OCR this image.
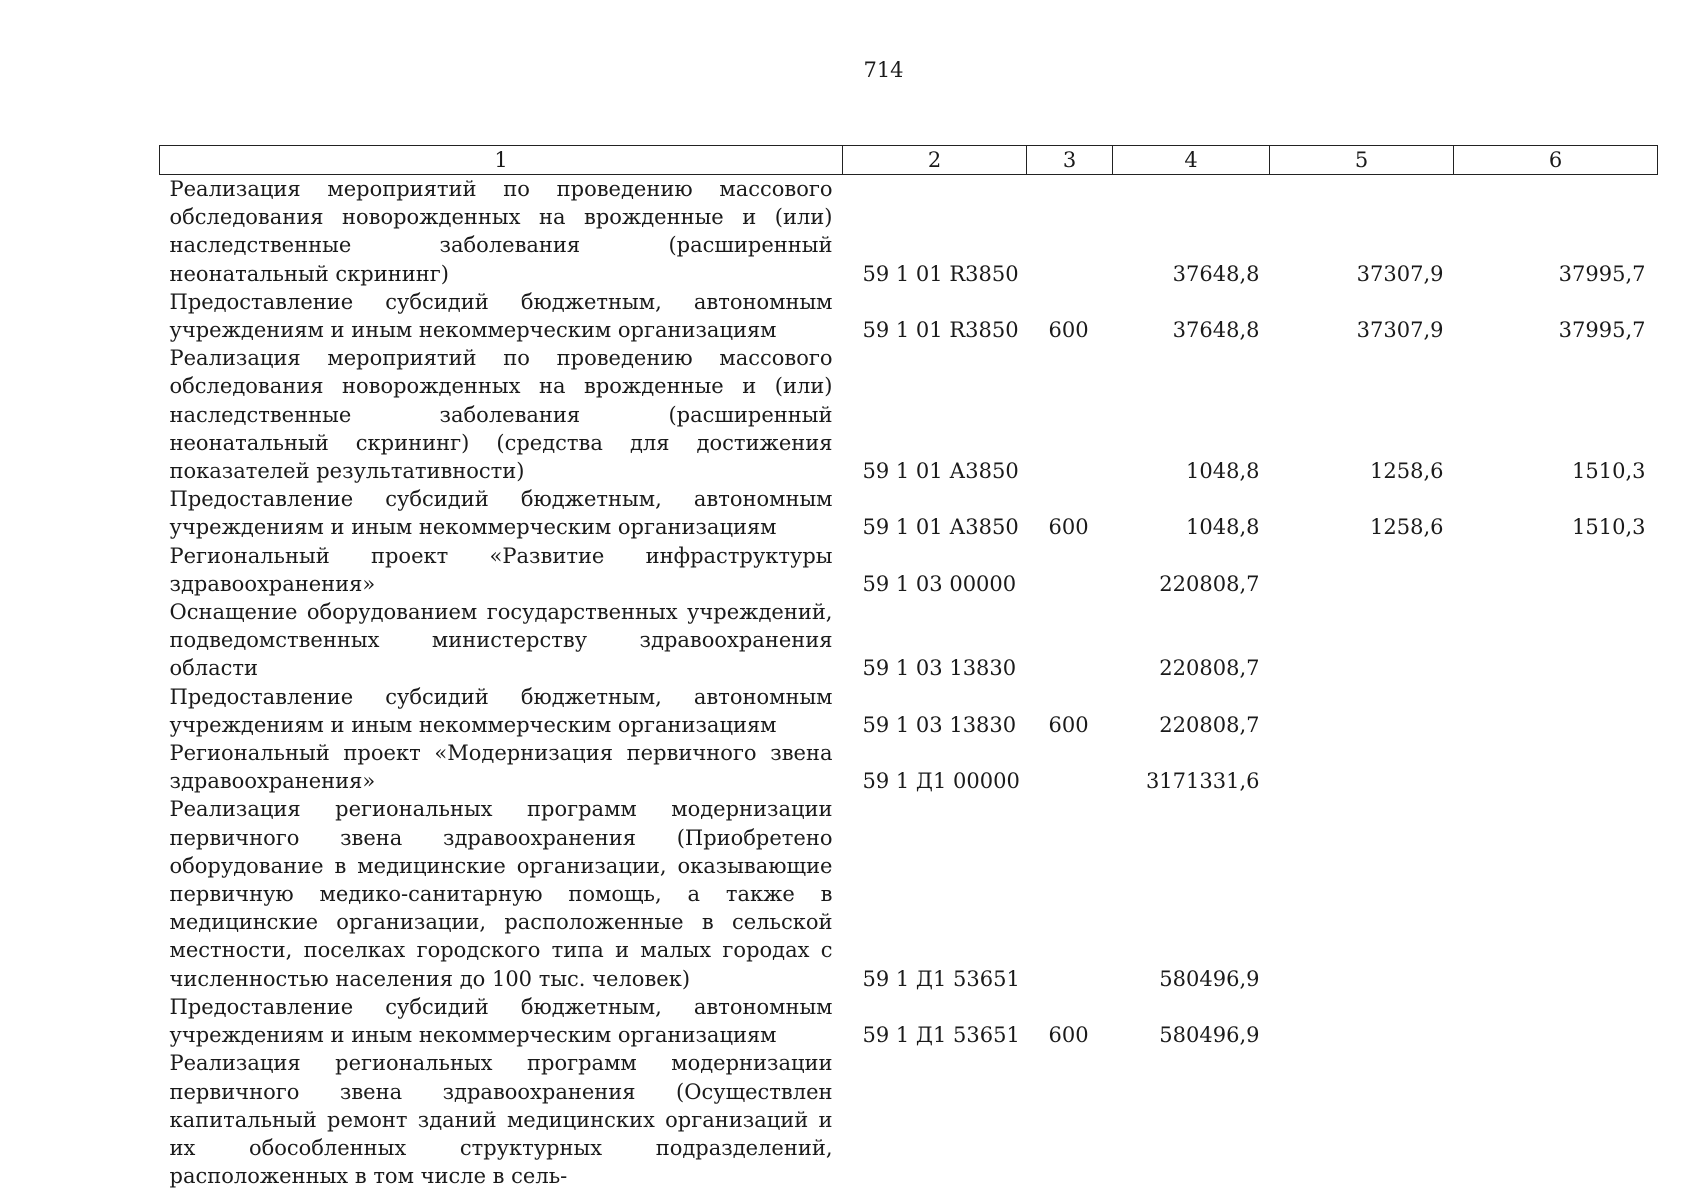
714
1	2	3	4	5	6
Реализация мероприятий по проведению массового обследования новорожденных на врожденные и (или) наследственные заболевания (расширенный неонатальный скрининг)	59 1 01 R3850		37648,8	37307,9	37995,7
Предоставление субсидий бюджетным, автономным учреждениям и иным некоммерческим организациям	59 1 01 R3850	600	37648,8	37307,9	37995,7
Реализация мероприятий по проведению массового обследования новорожденных на врожденные и (или) наследственные заболевания (расширенный неонатальный скрининг) (средства для достижения показателей результативности)	59 1 01 А3850		1048,8	1258,6	1510,3
Предоставление субсидий бюджетным, автономным учреждениям и иным некоммерческим организациям	59 1 01 А3850	600	1048,8	1258,6	1510,3
Региональный проект «Развитие инфраструктуры здравоохранения»	59 1 03 00000		220808,7		
Оснащение оборудованием государственных учреждений, подведомственных министерству здравоохранения области	59 1 03 13830		220808,7		
Предоставление субсидий бюджетным, автономным учреждениям и иным некоммерческим организациям	59 1 03 13830	600	220808,7		
Региональный проект «Модернизация первичного звена здравоохранения»	59 1 Д1 00000		3171331,6		
Реализация региональных программ модернизации первичного звена здравоохранения (Приобретено оборудование в медицинские организации, оказывающие первичную медико-санитарную помощь, а также в медицинские организации, расположенные в сельской местности, поселках городского типа и малых городах с численностью населения до 100 тыс. человек)	59 1 Д1 53651		580496,9		
Предоставление субсидий бюджетным, автономным учреждениям и иным некоммерческим организациям	59 1 Д1 53651	600	580496,9		
Реализация региональных программ модернизации первичного звена здравоохранения (Осуществлен капитальный ремонт зданий медицинских организаций и их обособленных структурных подразделений, расположенных в том числе в сель-					
